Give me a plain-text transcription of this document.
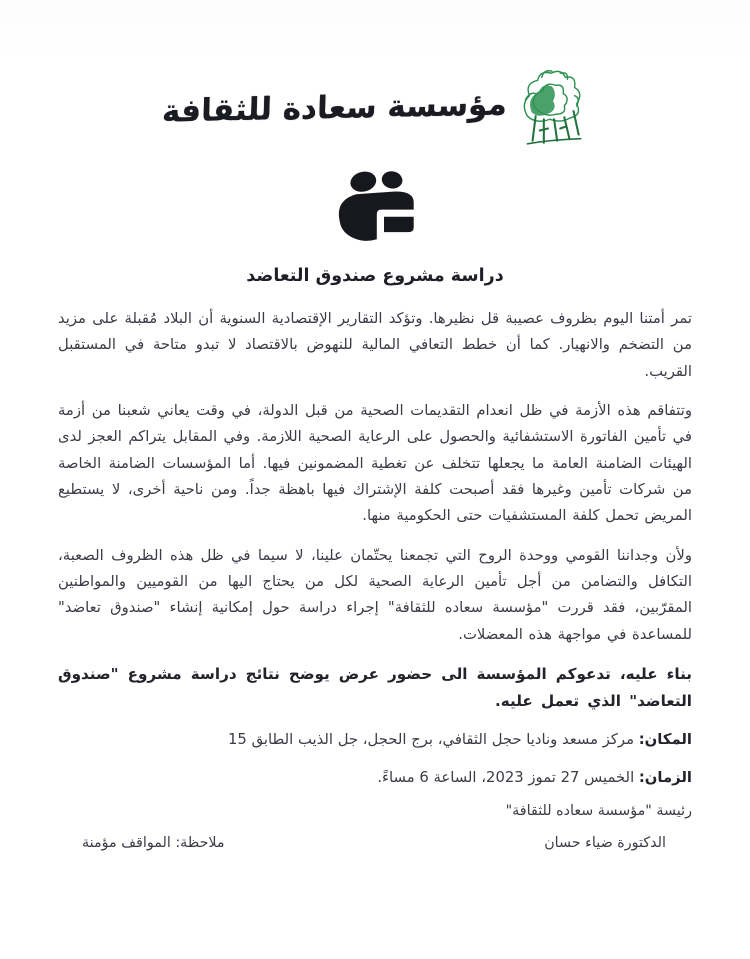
مؤسسة سعادة للثقافة
دراسة مشروع صندوق التعاضد

تمر أمتنا اليوم بظروف عصيبة قل نظيرها. وتؤكد التقارير الإقتصادية السنوية أن البلاد مُقبلة على مزيد من التضخم والانهيار. كما أن خطط التعافي المالية للنهوض بالاقتصاد لا تبدو متاحة في المستقبل القريب.

وتتفاقم هذه الأزمة في ظل انعدام التقديمات الصحية من قبل الدولة، في وقت يعاني شعبنا من أزمة في تأمين الفاتورة الاستشفائية والحصول على الرعاية الصحية اللازمة. وفي المقابل يتراكم العجز لدى الهيئات الضامنة العامة ما يجعلها تتخلف عن تغطية المضمونين فيها. أما المؤسسات الضامنة الخاصة من شركات تأمين وغيرها فقد أصبحت كلفة الإشتراك فيها باهظة جداً. ومن ناحية أخرى، لا يستطيع المريض تحمل كلفة المستشفيات حتى الحكومية منها.

ولأن وجداننا القومي ووحدة الروح التي تجمعنا يحتّمان علينا، لا سيما في ظل هذه الظروف الصعبة، التكافل والتضامن من أجل تأمين الرعاية الصحية لكل من يحتاج اليها من القوميين والمواطنين المقرّبين، فقد قررت "مؤسسة سعاده للثقافة" إجراء دراسة حول إمكانية إنشاء "صندوق تعاضد" للمساعدة في مواجهة هذه المعضلات.

بناء عليه، تدعوكم المؤسسة الى حضور عرض يوضح نتائج دراسة مشروع "صندوق التعاضد" الذي تعمل عليه.

المكان: مركز مسعد وناديا حجل الثقافي، برج الحجل، جل الذيب الطابق 15

الزمان: الخميس 27 تموز 2023، الساعة 6 مساءً.

رئيسة "مؤسسة سعاده للثقافة"

الدكتورة ضياء حسان
ملاحظة: المواقف مؤمنة
